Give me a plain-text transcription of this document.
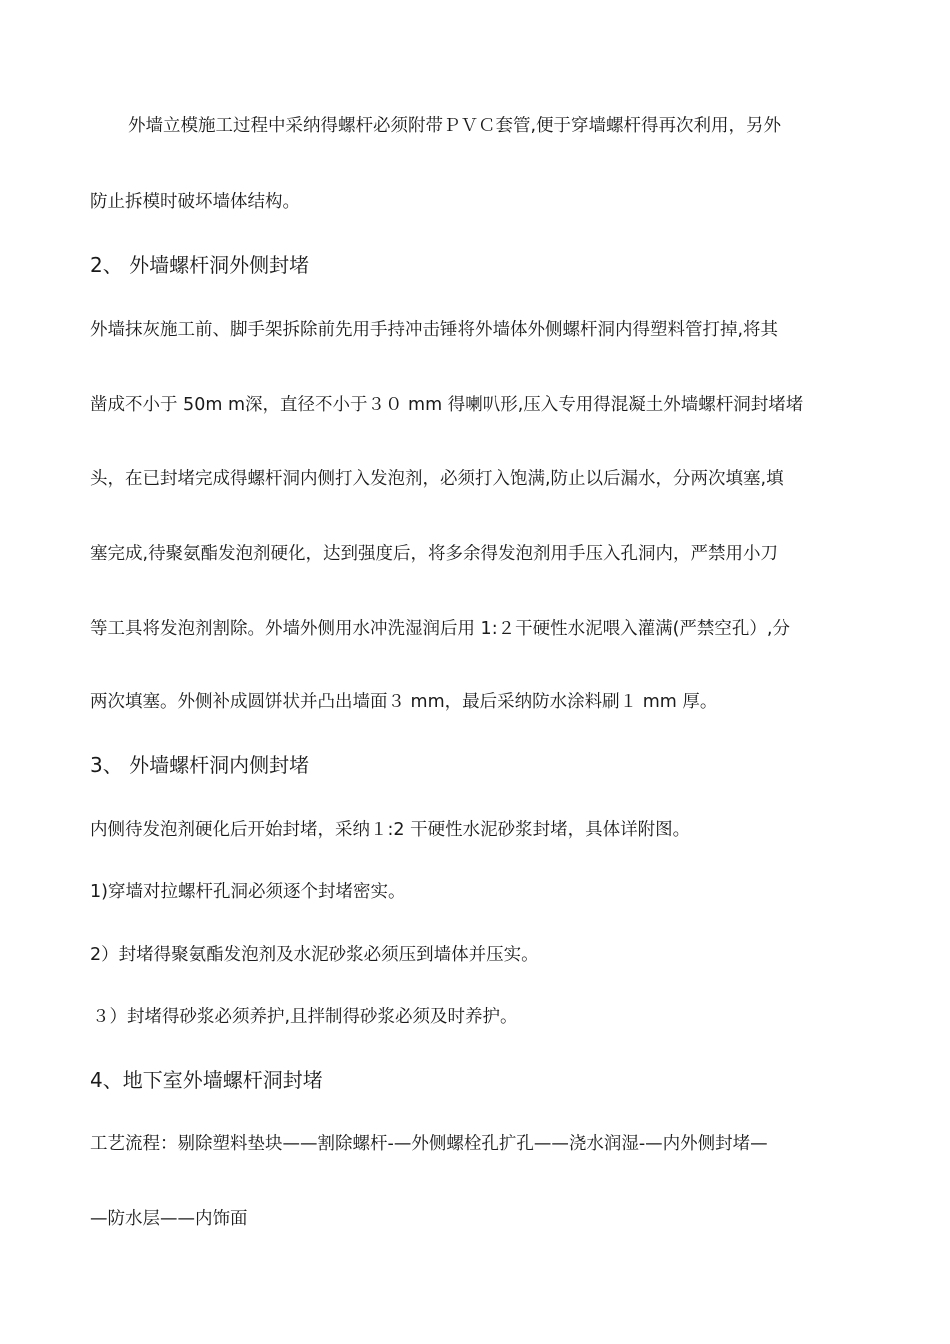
外墙立模施工过程中采纳得螺杆必须附带ＰＶＣ套管,便于穿墙螺杆得再次利用，另外
防止拆模时破坏墙体结构。
2、 外墙螺杆洞外侧封堵
外墙抹灰施工前、脚手架拆除前先用手持冲击锤将外墙体外侧螺杆洞内得塑料管打掉,将其
凿成不小于 50m m深，直径不小于３０ mm 得喇叭形,压入专用得混凝土外墙螺杆洞封堵堵
头，在已封堵完成得螺杆洞内侧打入发泡剂，必须打入饱满,防止以后漏水，分两次填塞,填
塞完成,待聚氨酯发泡剂硬化，达到强度后，将多余得发泡剂用手压入孔洞内，严禁用小刀
等工具将发泡剂割除。外墙外侧用水冲洗湿润后用 1:２干硬性水泥喂入灌满(严禁空孔）,分
两次填塞。外侧补成圆饼状并凸出墙面３ mm，最后采纳防水涂料刷１ mm 厚。
3、 外墙螺杆洞内侧封堵
内侧待发泡剂硬化后开始封堵，采纳１:2 干硬性水泥砂浆封堵，具体详附图。
1)穿墙对拉螺杆孔洞必须逐个封堵密实。
2）封堵得聚氨酯发泡剂及水泥砂浆必须压到墙体并压实。
３）封堵得砂浆必须养护,且拌制得砂浆必须及时养护。
4、地下室外墙螺杆洞封堵
工艺流程：剔除塑料垫块——割除螺杆-—外侧螺栓孔扩孔——浇水润湿-—内外侧封堵—
—防水层——内饰面
